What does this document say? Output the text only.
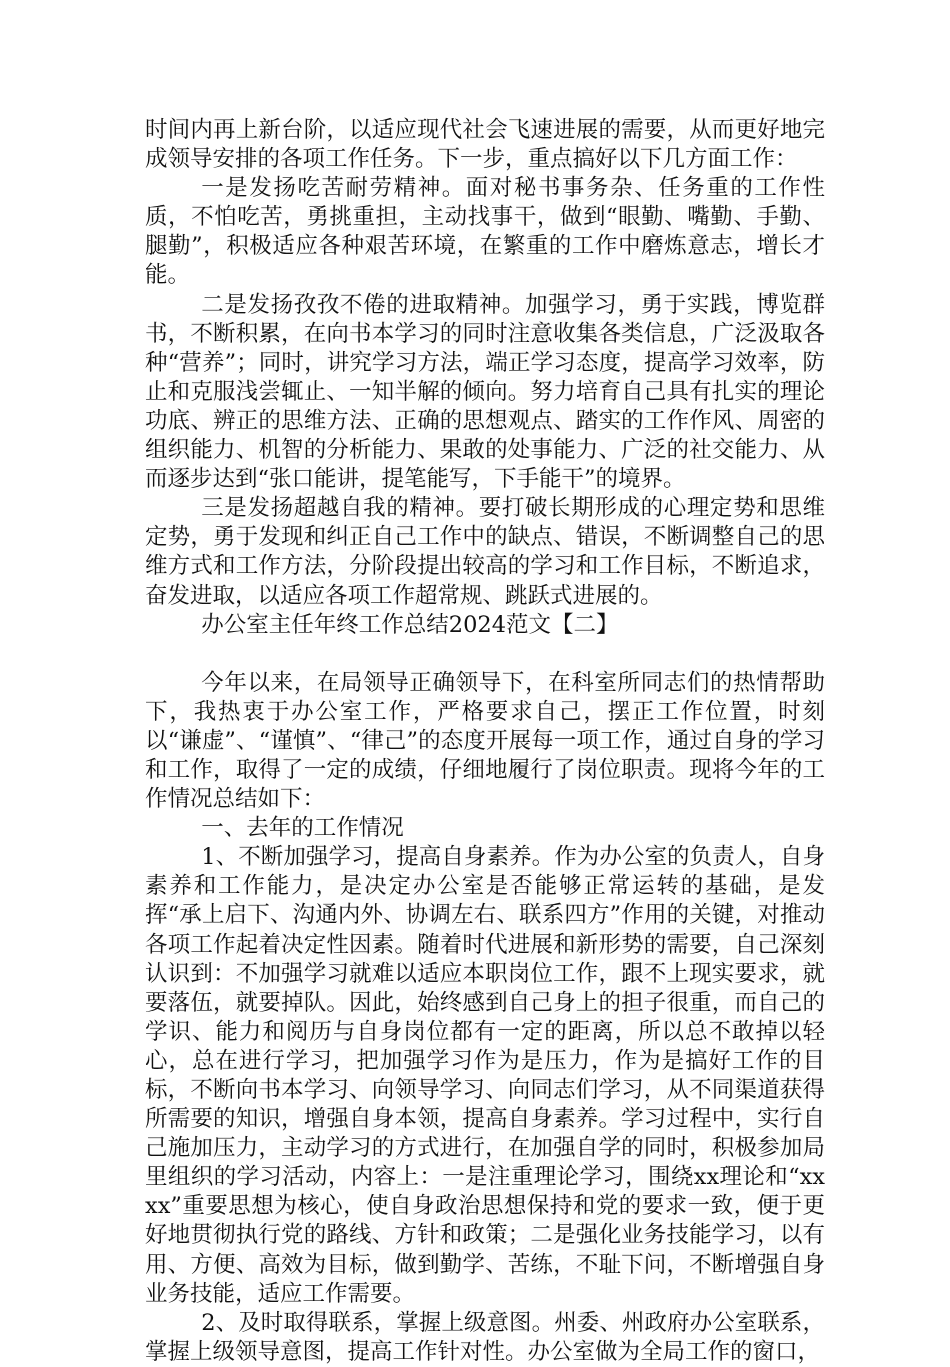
时间内再上新台阶，以适应现代社会飞速进展的需要，从而更好地完成领导安排的各项工作任务。下一步，重点搞好以下几方面工作：

一是发扬吃苦耐劳精神。面对秘书事务杂、任务重的工作性质，不怕吃苦，勇挑重担，主动找事干，做到“眼勤、嘴勤、手勤、腿勤”，积极适应各种艰苦环境，在繁重的工作中磨炼意志，增长才能。

二是发扬孜孜不倦的进取精神。加强学习，勇于实践，博览群书，不断积累，在向书本学习的同时注意收集各类信息，广泛汲取各种“营养”；同时，讲究学习方法，端正学习态度，提高学习效率，防止和克服浅尝辄止、一知半解的倾向。努力培育自己具有扎实的理论功底、辨正的思维方法、正确的思想观点、踏实的工作作风、周密的组织能力、机智的分析能力、果敢的处事能力、广泛的社交能力、从而逐步达到“张口能讲，提笔能写，下手能干”的境界。

三是发扬超越自我的精神。要打破长期形成的心理定势和思维定势，勇于发现和纠正自己工作中的缺点、错误，不断调整自己的思维方式和工作方法，分阶段提出较高的学习和工作目标，不断追求，奋发进取，以适应各项工作超常规、跳跃式进展的。

办公室主任年终工作总结2024范文【二】

今年以来，在局领导正确领导下，在科室所同志们的热情帮助下，我热衷于办公室工作，严格要求自己，摆正工作位置，时刻以“谦虚”、“谨慎”、“律己”的态度开展每一项工作，通过自身的学习和工作，取得了一定的成绩，仔细地履行了岗位职责。现将今年的工作情况总结如下：

一、去年的工作情况

1、不断加强学习，提高自身素养。作为办公室的负责人，自身素养和工作能力，是决定办公室是否能够正常运转的基础，是发挥“承上启下、沟通内外、协调左右、联系四方”作用的关键，对推动各项工作起着决定性因素。随着时代进展和新形势的需要，自己深刻认识到：不加强学习就难以适应本职岗位工作，跟不上现实要求，就要落伍，就要掉队。因此，始终感到自己身上的担子很重，而自己的学识、能力和阅历与自身岗位都有一定的距离，所以总不敢掉以轻心，总在进行学习，把加强学习作为是压力，作为是搞好工作的目标，不断向书本学习、向领导学习、向同志们学习，从不同渠道获得所需要的知识，增强自身本领，提高自身素养。学习过程中，实行自己施加压力，主动学习的方式进行，在加强自学的同时，积极参加局里组织的学习活动，内容上：一是注重理论学习，围绕xx理论和“xxxx”重要思想为核心，使自身政治思想保持和党的要求一致，便于更好地贯彻执行党的路线、方针和政策；二是强化业务技能学习，以有用、方便、高效为目标，做到勤学、苦练，不耻下问，不断增强自身业务技能，适应工作需要。

2、及时取得联系，掌握上级意图。州委、州政府办公室联系，掌握上级领导意图，提高工作针对性。办公室做为全局工作的窗口，
